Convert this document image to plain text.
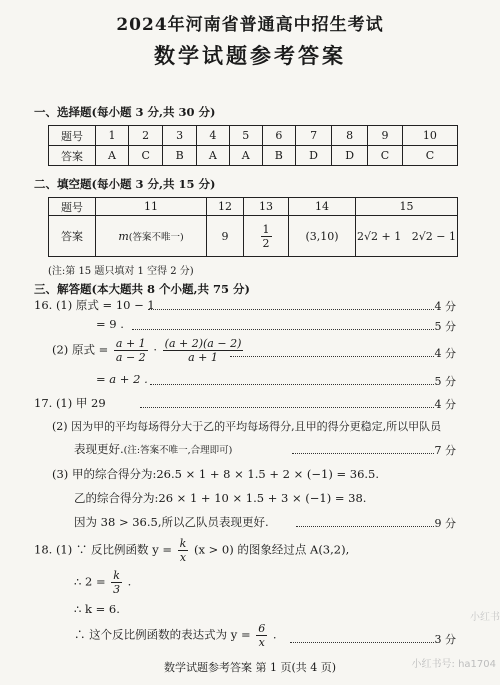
2024年河南省普通高中招生考试
数学试题参考答案
一、选择题(每小题 3 分,共 30 分)
题号	1	2	3	4	5	6	7	8	9	10
答案	A	C	B	A	A	B	D	D	C	C
二、填空题(每小题 3 分,共 15 分)
题号	11	12	13	14	15
答案	m(答案不唯一)	9	$\frac{1}{2}$	(3,10)	2√2 + 1 2√2 − 1
(注:第 15 题只填对 1 空得 2 分)
三、解答题(本大题共 8 个小题,共 75 分)
16. (1) 原式 = 10 − 1	4 分
= 9 .	5 分
(2) 原式 = $\frac{a + 1}{a - 2} \cdot \frac{(a + 2)(a - 2)}{a + 1}$	4 分
= a + 2 .	5 分
17. (1) 甲 29	4 分
(2) 因为甲的平均每场得分大于乙的平均每场得分,且甲的得分更稳定,所以甲队员
表现更好.(注:答案不唯一,合理即可)	7 分
(3) 甲的综合得分为:26.5 × 1 + 8 × 1.5 + 2 × (−1) = 36.5.
乙的综合得分为:26 × 1 + 10 × 1.5 + 3 × (−1) = 38.
因为 38 > 36.5,所以乙队员表现更好.	9 分
18. (1) ∵ 反比例函数 $y = \frac{k}{x} (x > 0)$ 的图象经过点 A(3,2),
∴ $2 = \frac{k}{3}$ .
∴ k = 6.
∴ 这个反比例函数的表达式为 $y = \frac{6}{x}$ .	3 分
数学试题参考答案 第 1 页(共 4 页)
小红书
小红书号: ha1704
